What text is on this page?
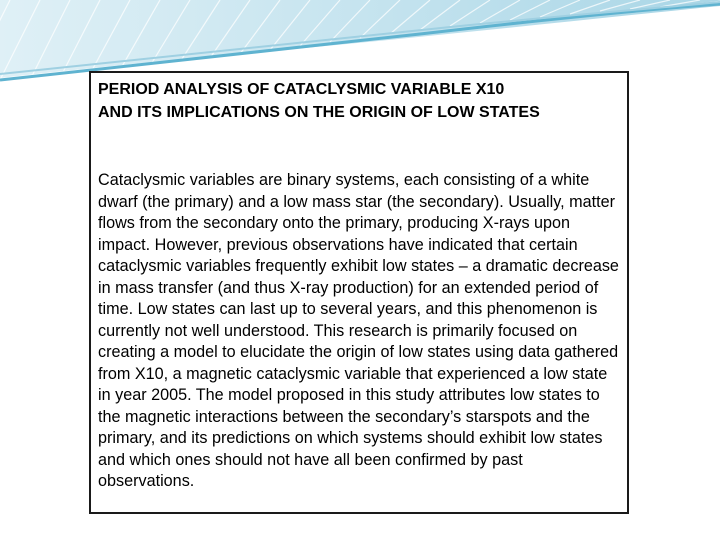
PERIOD ANALYSIS OF CATACLYSMIC VARIABLE X10
AND ITS IMPLICATIONS ON THE ORIGIN OF LOW STATES

Cataclysmic variables are binary systems, each consisting of a white dwarf (the primary) and a low mass star (the secondary). Usually, matter flows from the secondary onto the primary, producing X-rays upon impact. However, previous observations have indicated that certain cataclysmic variables frequently exhibit low states – a dramatic decrease in mass transfer (and thus X-ray production) for an extended period of time. Low states can last up to several years, and this phenomenon is currently not well understood. This research is primarily focused on creating a model to elucidate the origin of low states using data gathered from X10, a magnetic cataclysmic variable that experienced a low state in year 2005. The model proposed in this study attributes low states to the magnetic interactions between the secondary’s starspots and the primary, and its predictions on which systems should exhibit low states and which ones should not have all been confirmed by past observations.
